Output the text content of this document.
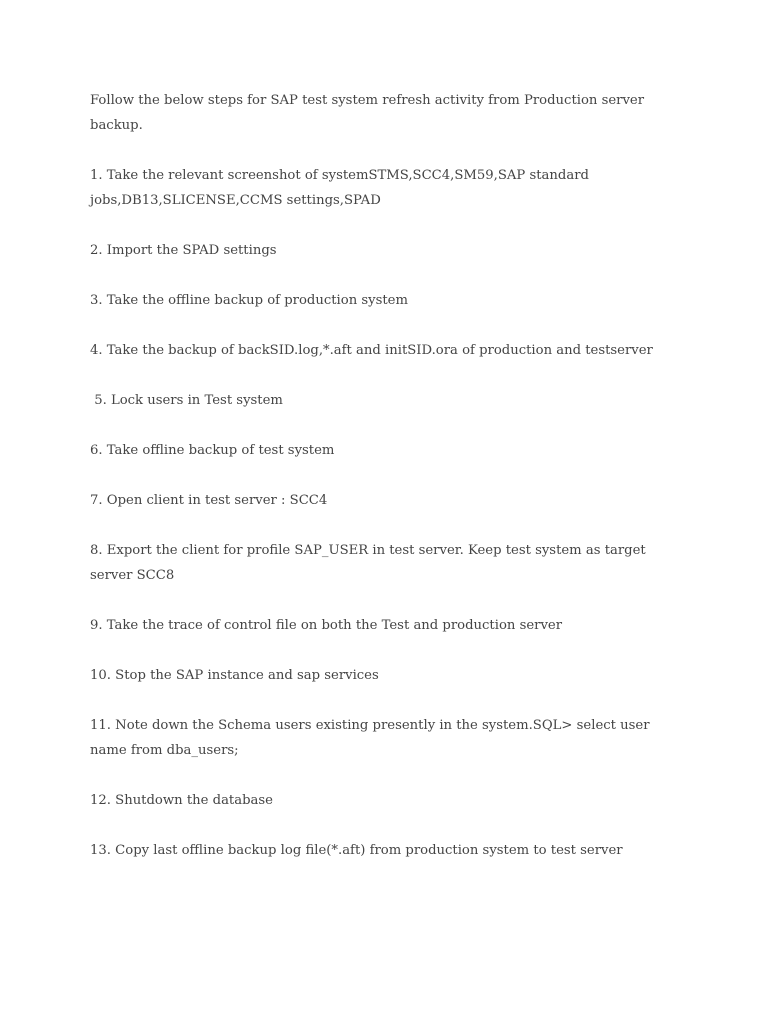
Follow the below steps for SAP test system refresh activity from Production server backup.

1. Take the relevant screenshot of systemSTMS,SCC4,SM59,SAP standard jobs,DB13,SLICENSE,CCMS settings,SPAD

2. Import the SPAD settings

3. Take the offline backup of production system

4. Take the backup of backSID.log,*.aft and initSID.ora of production and testserver

5. Lock users in Test system

6. Take offline backup of test system

7. Open client in test server : SCC4

8. Export the client for profile SAP_USER in test server. Keep test system as target server SCC8

9. Take the trace of control file on both the Test and production server

10. Stop the SAP instance and sap services

11. Note down the Schema users existing presently in the system.SQL> select user name from dba_users;

12. Shutdown the database

13. Copy last offline backup log file(*.aft) from production system to test server
